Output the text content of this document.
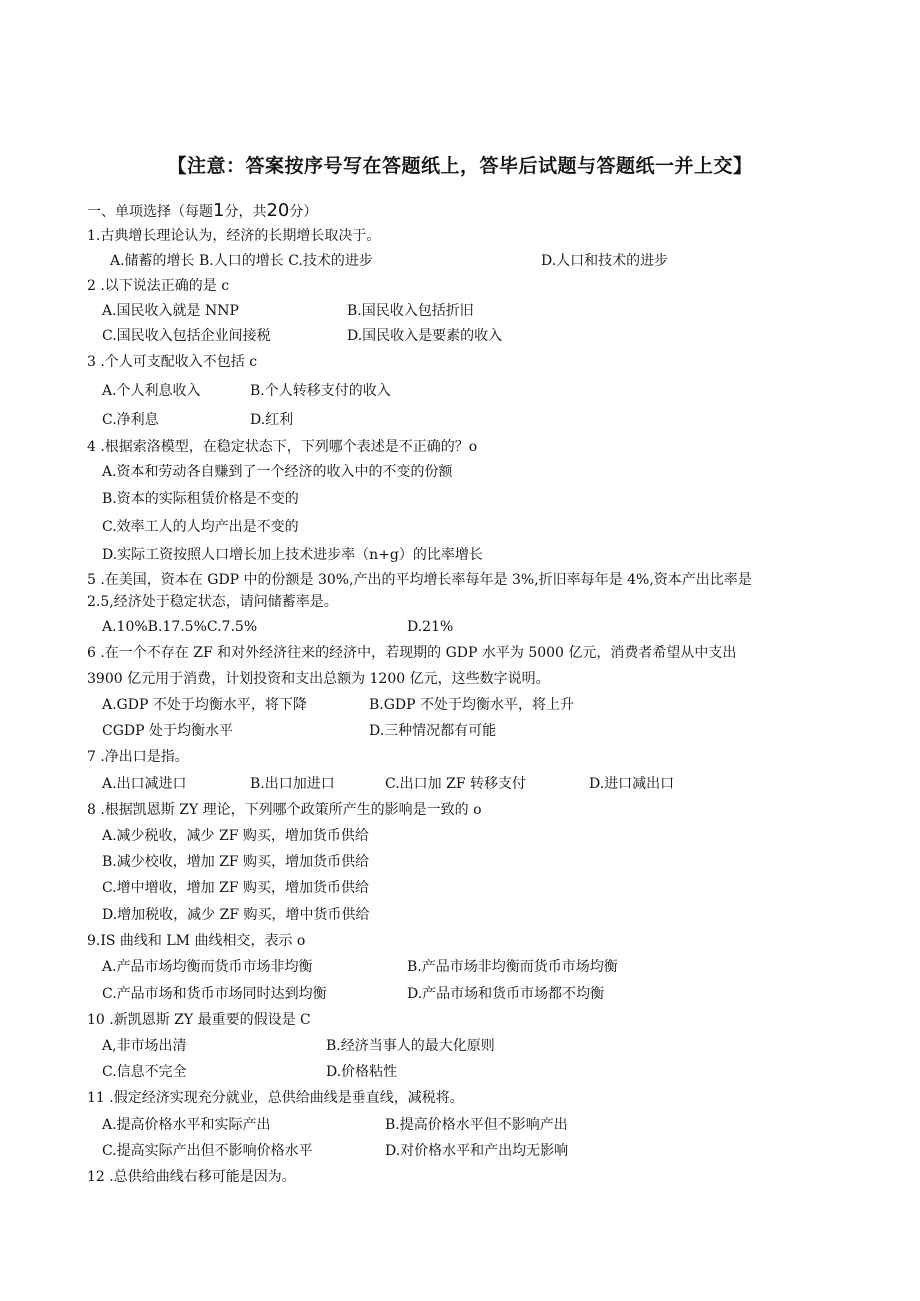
【注意：答案按序号写在答题纸上，答毕后试题与答题纸一并上交】
一、单项选择（每题1分，共20分）
1.古典增长理论认为，经济的长期增长取决于。
A.储蓄的增长 B.人口的增长 C.技术的进步	D.人口和技术的进步
2 .以下说法正确的是 c
A.国民收入就是 NNP	B.国民收入包括折旧
C.国民收入包括企业间接税	D.国民收入是要素的收入
3 .个人可支配收入不包括 c
A.个人利息收入	B.个人转移支付的收入
C.净利息	D.红利
4 .根据索洛模型，在稳定状态下，下列哪个表述是不正确的？o
A.资本和劳动各自赚到了一个经济的收入中的不变的份额
B.资本的实际租赁价格是不变的
C.效率工人的人均产出是不变的
D.实际工资按照人口增长加上技术进步率（n+g）的比率增长
5 .在美国，资本在 GDP 中的份额是 30%,产出的平均增长率每年是 3%,折旧率每年是 4%,资本产出比率是
2.5,经济处于稳定状态，请问储蓄率是。
A.10%B.17.5%C.7.5%	D.21%
6 .在一个不存在 ZF 和对外经济往来的经济中，若现期的 GDP 水平为 5000 亿元，消费者希望从中支出
3900 亿元用于消费，计划投资和支出总额为 1200 亿元，这些数字说明。
A.GDP 不处于均衡水平，将下降	B.GDP 不处于均衡水平，将上升
CGDP 处于均衡水平	D.三种情况都有可能
7 .净出口是指。
A.出口减进口	B.出口加进口	C.出口加 ZF 转移支付	D.进口减出口
8 .根据凯恩斯 ZY 理论，下列哪个政策所产生的影响是一致的 o
A.减少税收，减少 ZF 购买，增加货币供给
B.减少校收，增加 ZF 购买，增加货币供给
C.增中增收，增加 ZF 购买，增加货币供给
D.增加税收，减少 ZF 购买，增中货币供给
9.IS 曲线和 LM 曲线相交，表示 o
A.产品市场均衡而货币市场非均衡	B.产品市场非均衡而货币市场均衡
C.产品市场和货币市场同时达到均衡	D.产品市场和货币市场都不均衡
10 .新凯恩斯 ZY 最重要的假设是 C
A,非市场出清	B.经济当事人的最大化原则
C.信息不完全	D.价格粘性
11 .假定经济实现充分就业，总供给曲线是垂直线，减税将。
A.提高价格水平和实际产出	B.提高价格水平但不影响产出
C.提高实际产出但不影响价格水平	D.对价格水平和产出均无影响
12 .总供给曲线右移可能是因为。
